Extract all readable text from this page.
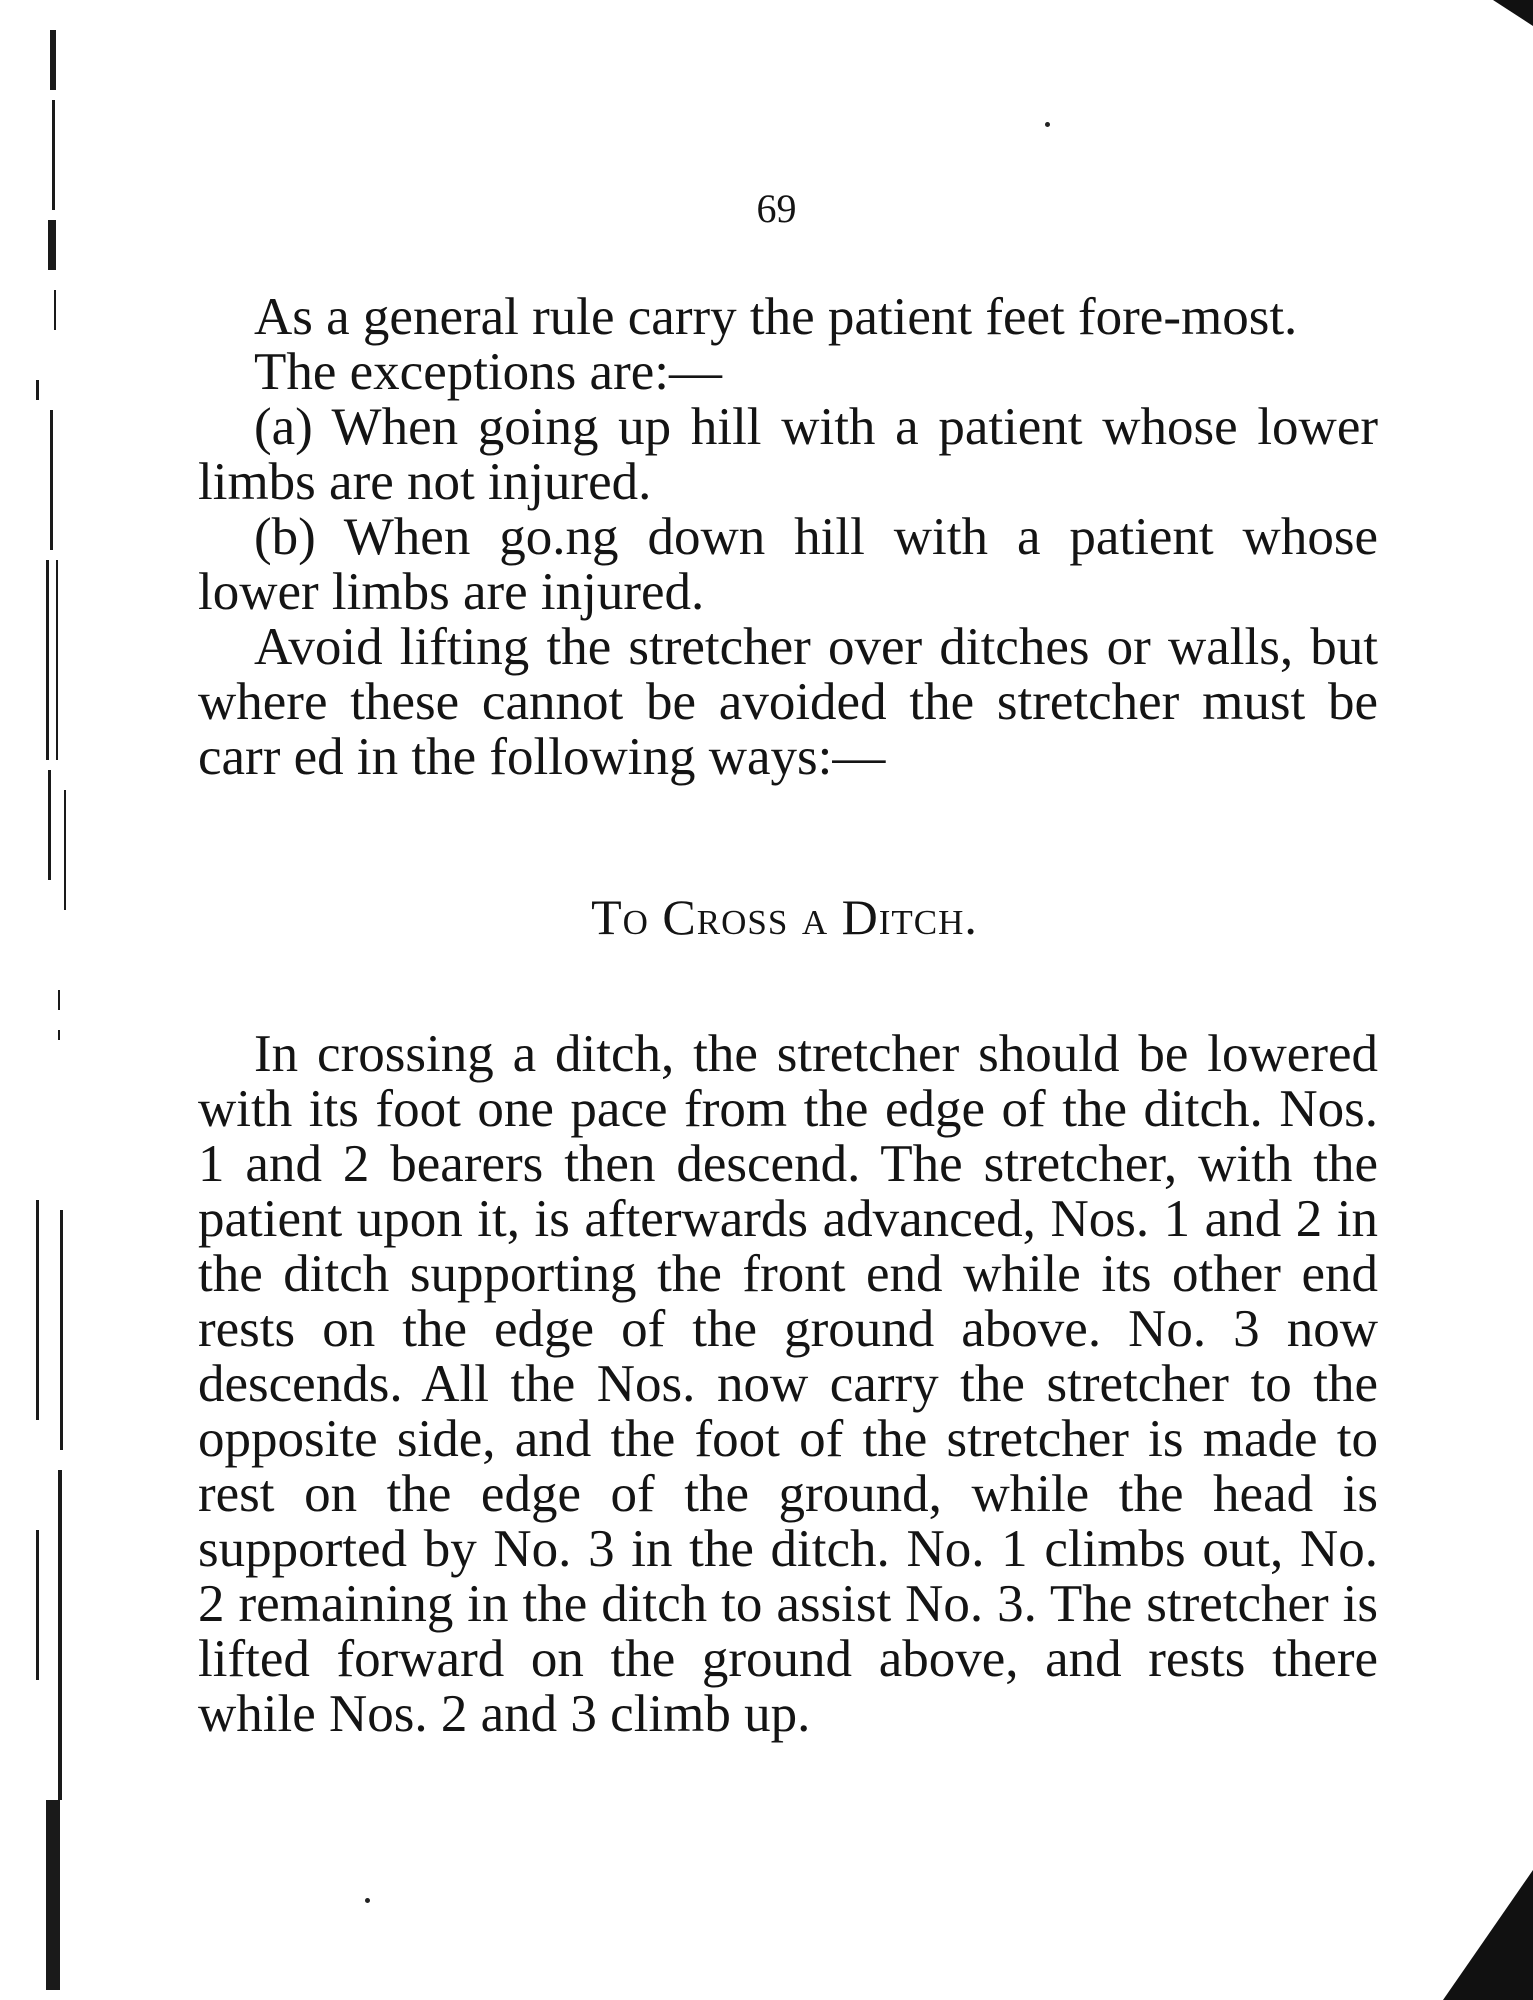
69

As a general rule carry the patient feet fore-most.

The exceptions are:—

(a) When going up hill with a patient whose lower limbs are not injured.

(b) When go.ng down hill with a patient whose lower limbs are injured.

Avoid lifting the stretcher over ditches or walls, but where these cannot be avoided the stretcher must be carr ed in the following ways:—

To Cross a Ditch.

In crossing a ditch, the stretcher should be lowered with its foot one pace from the edge of the ditch. Nos. 1 and 2 bearers then descend. The stretcher, with the patient upon it, is afterwards advanced, Nos. 1 and 2 in the ditch supporting the front end while its other end rests on the edge of the ground above. No. 3 now descends. All the Nos. now carry the stretcher to the opposite side, and the foot of the stretcher is made to rest on the edge of the ground, while the head is supported by No. 3 in the ditch. No. 1 climbs out, No. 2 remaining in the ditch to assist No. 3. The stretcher is lifted forward on the ground above, and rests there while Nos. 2 and 3 climb up.
